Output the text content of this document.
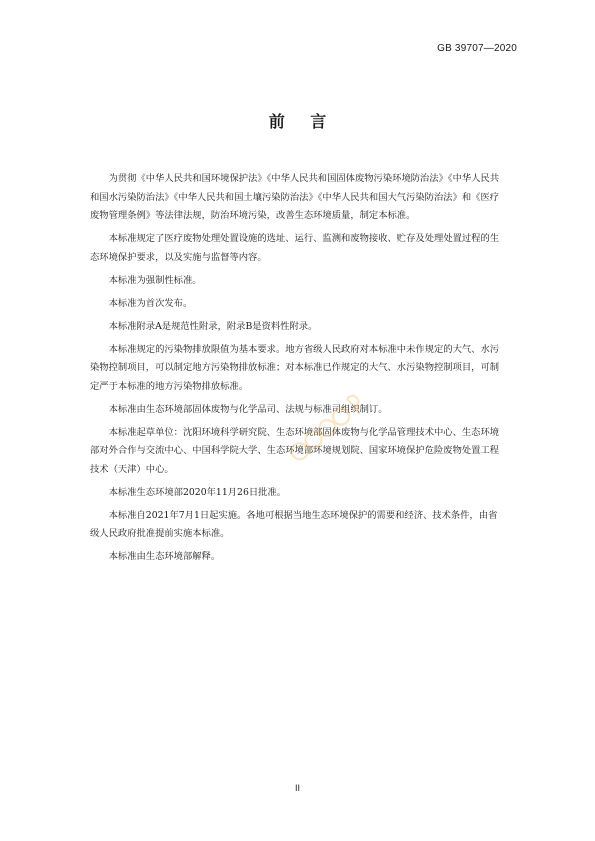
GB 39707—2020
前 言

为贯彻《中华人民共和国环境保护法》《中华人民共和国固体废物污染环境防治法》《中华人民共和国水污染防治法》《中华人民共和国土壤污染防治法》《中华人民共和国大气污染防治法》和《医疗废物管理条例》等法律法规，防治环境污染，改善生态环境质量，制定本标准。

本标准规定了医疗废物处理处置设施的选址、运行、监测和废物接收、贮存及处理处置过程的生态环境保护要求，以及实施与监督等内容。

本标准为强制性标准。

本标准为首次发布。

本标准附录A是规范性附录，附录B是资料性附录。

本标准规定的污染物排放限值为基本要求。地方省级人民政府对本标准中未作规定的大气、水污染物控制项目，可以制定地方污染物排放标准；对本标准已作规定的大气、水污染物控制项目，可制定严于本标准的地方污染物排放标准。

本标准由生态环境部固体废物与化学品司、法规与标准司组织制订。

本标准起草单位：沈阳环境科学研究院、生态环境部固体废物与化学品管理技术中心、生态环境部对外合作与交流中心、中国科学院大学、生态环境部环境规划院、国家环境保护危险废物处置工程技术（天津）中心。

本标准生态环境部2020年11月26日批准。

本标准自2021年7月1日起实施。各地可根据当地生态环境保护的需要和经济、技术条件，由省级人民政府批准提前实施本标准。

本标准由生态环境部解释。

II
